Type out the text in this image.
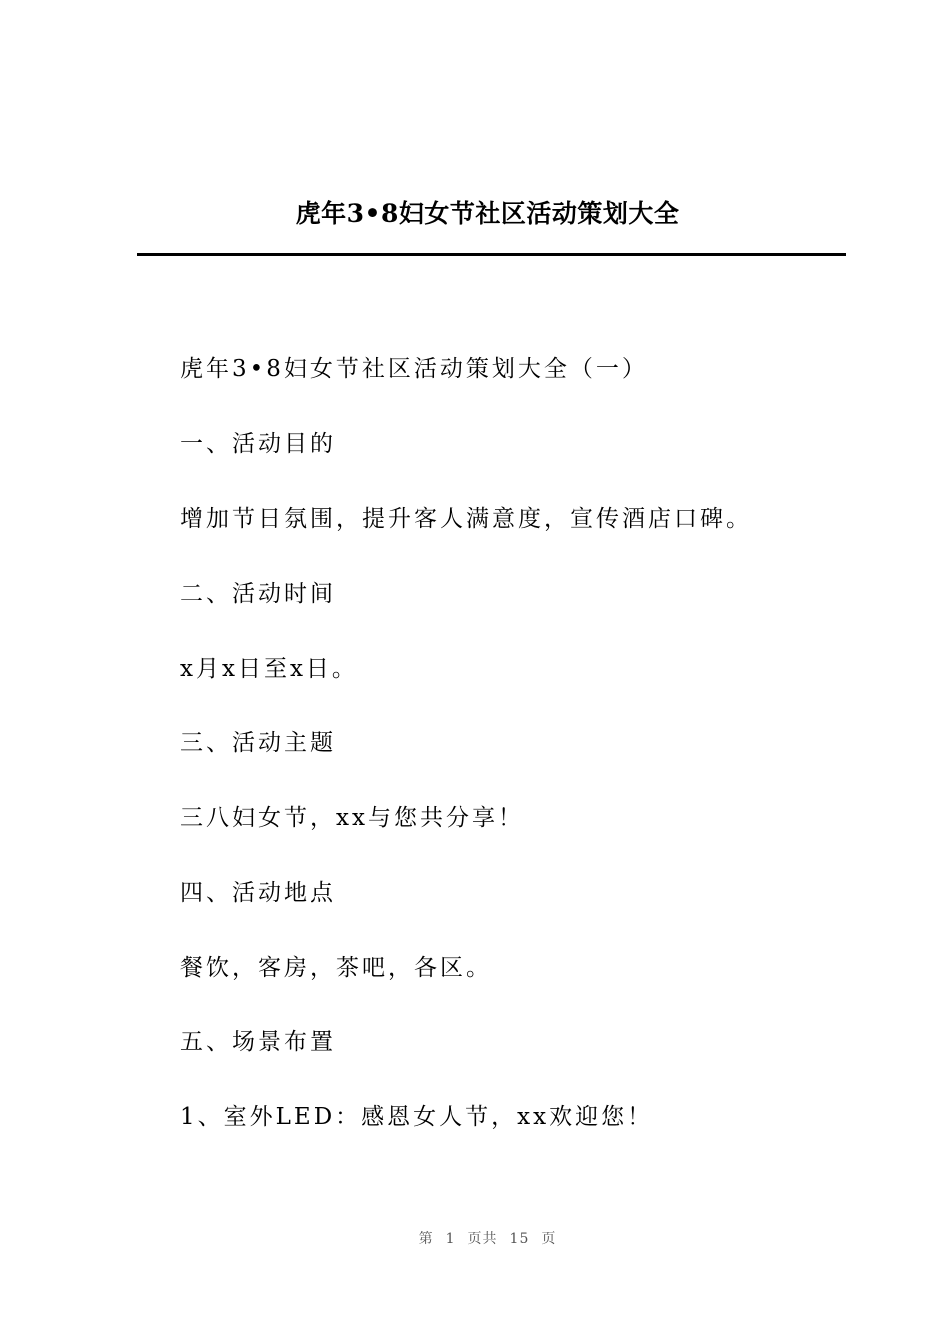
虎年3•8妇女节社区活动策划大全

虎年3•8妇女节社区活动策划大全（一）

一、活动目的

增加节日氛围，提升客人满意度，宣传酒店口碑。

二、活动时间

x月x日至x日。

三、活动主题

三八妇女节，xx与您共分享！

四、活动地点

餐饮，客房，茶吧，各区。

五、场景布置

1、室外LED：感恩女人节，xx欢迎您！

第 1 页共 15 页
